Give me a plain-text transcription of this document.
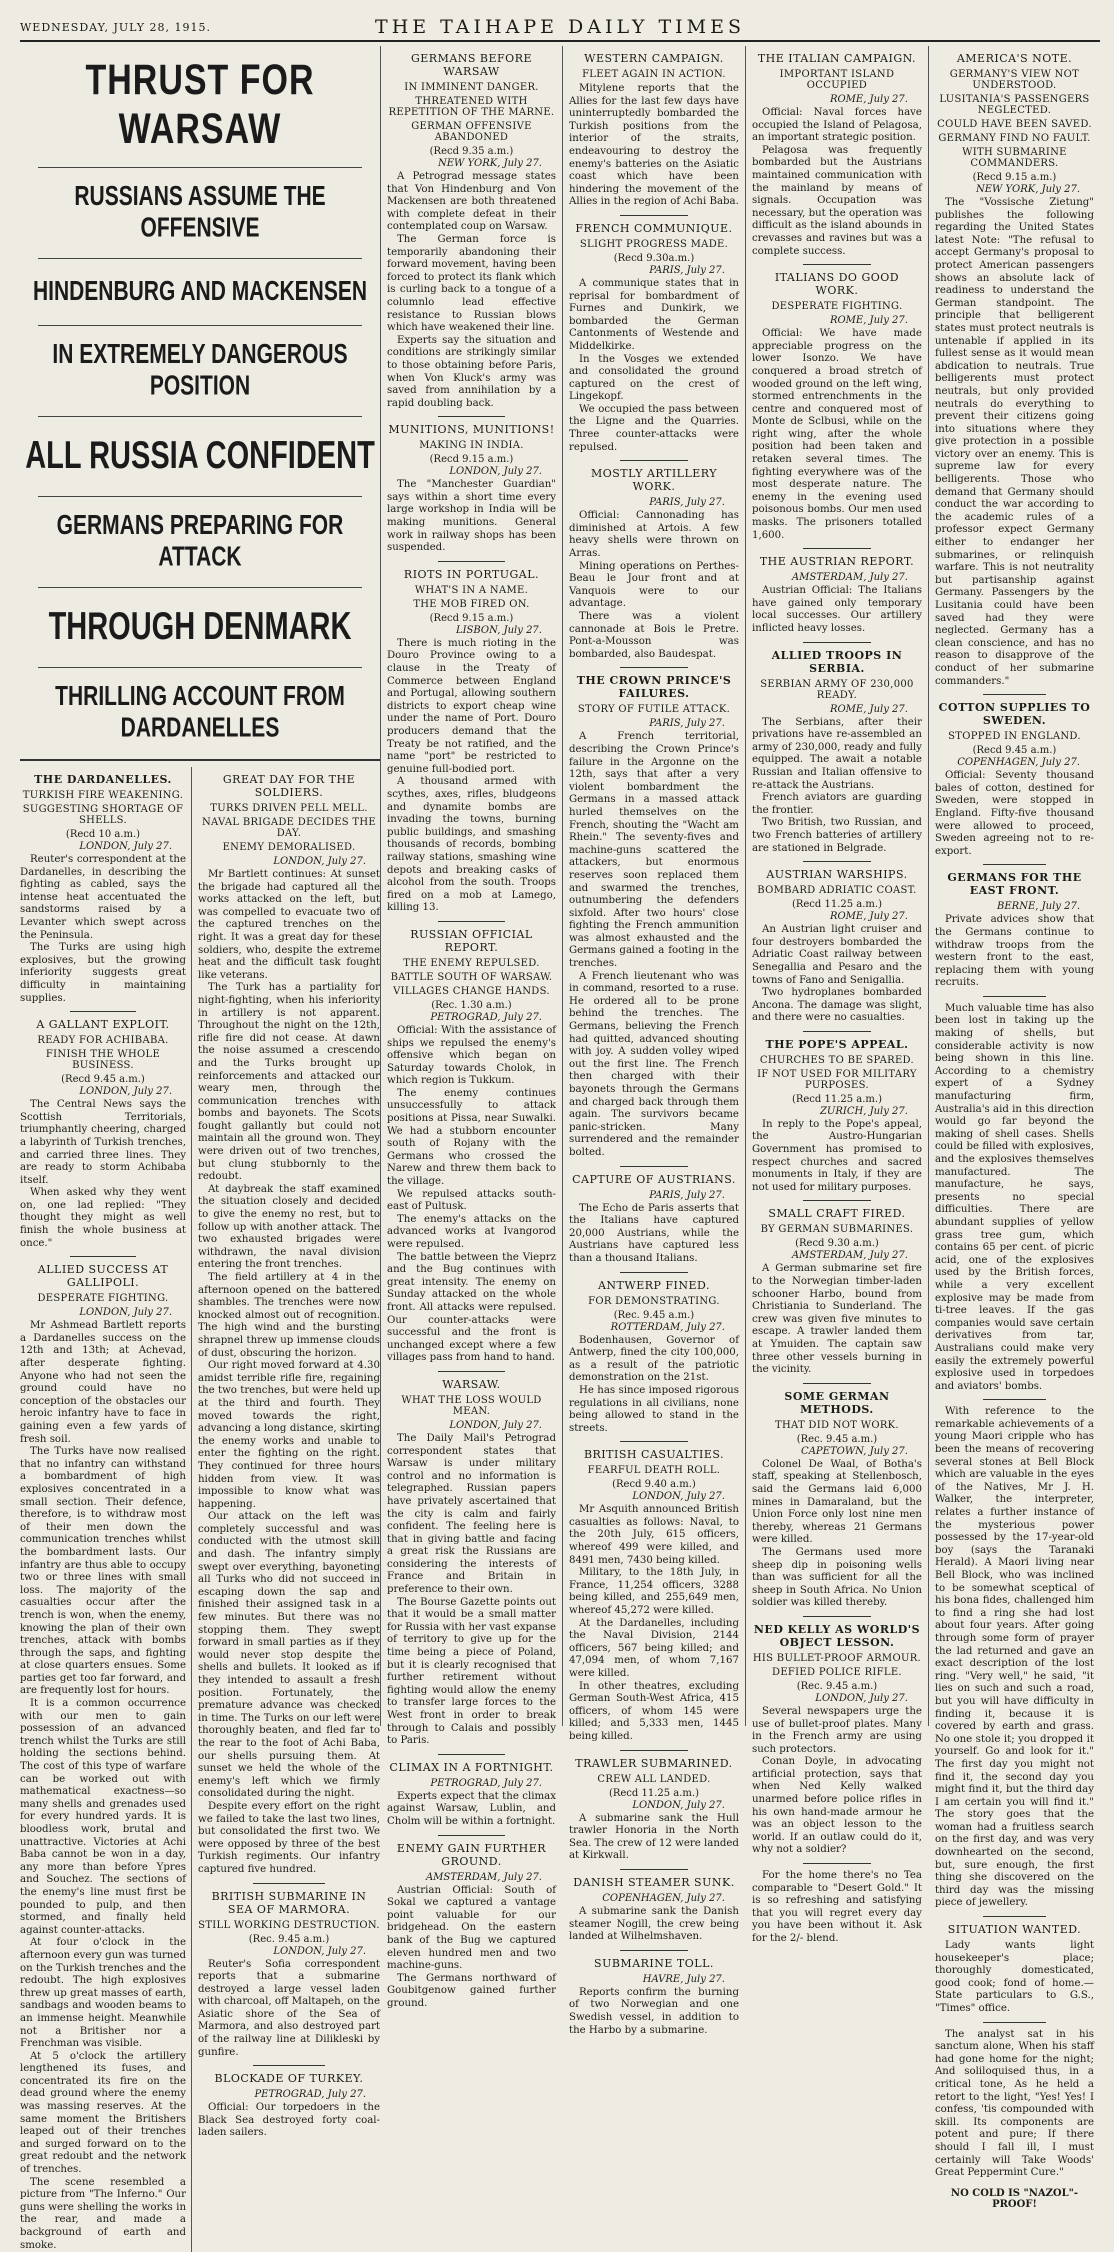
WEDNESDAY, JULY 28, 1915.	THE TAIHAPE DAILY TIMES
THRUST FOR WARSAW
RUSSIANS ASSUME THE OFFENSIVE
HINDENBURG AND MACKENSEN
IN EXTREMELY DANGEROUS POSITION
ALL RUSSIA CONFIDENT
GERMANS PREPARING FOR ATTACK
THROUGH DENMARK
THRILLING ACCOUNT FROM DARDANELLES
THE DARDANELLES.
TURKISH FIRE WEAKENING.
SUGGESTING SHORTAGE OF SHELLS.
(Recd 10 a.m.)
LONDON, July 27.

Reuter's correspondent at the Dardanelles, in describing the fighting as cabled, says the intense heat accentuated the sandstorms raised by a Levanter which swept across the Peninsula.

The Turks are using high explosives, but the growing inferiority suggests great difficulty in maintaining supplies.

A GALLANT EXPLOIT.
READY FOR ACHIBABA.
FINISH THE WHOLE BUSINESS.
(Recd 9.45 a.m.)
LONDON, July 27.

The Central News says the Scottish Territorials, triumphantly cheering, charged a labyrinth of Turkish trenches, and carried three lines. They are ready to storm Achibaba itself.

When asked why they went on, one lad replied: "They thought they might as well finish the whole business at once."

ALLIED SUCCESS AT GALLIPOLI.
DESPERATE FIGHTING.
LONDON, July 27.

Mr Ashmead Bartlett reports a Dardanelles success on the 12th and 13th; at Achevad, after desperate fighting. Anyone who had not seen the ground could have no conception of the obstacles our heroic infantry have to face in gaining even a few yards of fresh soil.

The Turks have now realised that no infantry can withstand a bombardment of high explosives concentrated in a small section. Their defence, therefore, is to withdraw most of their men down the communication trenches whilst the bombardment lasts. Our infantry are thus able to occupy two or three lines with small loss. The majority of the casualties occur after the trench is won, when the enemy, knowing the plan of their own trenches, attack with bombs through the saps, and fighting at close quarters ensues. Some parties get too far forward, and are frequently lost for hours.

It is a common occurrence with our men to gain possession of an advanced trench whilst the Turks are still holding the sections behind. The cost of this type of warfare can be worked out with mathematical exactness—so many shells and grenades used for every hundred yards. It is bloodless work, brutal and unattractive. Victories at Achi Baba cannot be won in a day, any more than before Ypres and Souchez. The sections of the enemy's line must first be pounded to pulp, and then stormed, and finally held against counter-attacks.

At four o'clock in the afternoon every gun was turned on the Turkish trenches and the redoubt. The high explosives threw up great masses of earth, sandbags and wooden beams to an immense height. Meanwhile not a Britisher nor a Frenchman was visible.

At 5 o'clock the artillery lengthened its fuses, and concentrated its fire on the dead ground where the enemy was massing reserves. At the same moment the Britishers leaped out of their trenches and surged forward on to the great redoubt and the network of trenches.

The scene resembled a picture from "The Inferno." Our guns were shelling the works in the rear, and made a background of earth and smoke.

GREAT DAY FOR THE SOLDIERS.
TURKS DRIVEN PELL MELL.
NAVAL BRIGADE DECIDES THE DAY.
ENEMY DEMORALISED.
LONDON, July 27.

Mr Bartlett continues: At sunset the brigade had captured all the works attacked on the left, but was compelled to evacuate two of the captured trenches on the right. It was a great day for these soldiers, who, despite the extreme heat and the difficult task fought like veterans.

The Turk has a partiality for night-fighting, when his inferiority in artillery is not apparent. Throughout the night on the 12th, rifle fire did not cease. At dawn the noise assumed a crescendo and the Turks brought up reinforcements and attacked our weary men, through the communication trenches with bombs and bayonets. The Scots fought gallantly but could not maintain all the ground won. They were driven out of two trenches, but clung stubbornly to the redoubt.

At daybreak the staff examined the situation closely and decided to give the enemy no rest, but to follow up with another attack. The two exhausted brigades were withdrawn, the naval division entering the front trenches.

The field artillery at 4 in the afternoon opened on the battered shambles. The trenches were now knocked almost out of recognition. The high wind and the bursting shrapnel threw up immense clouds of dust, obscuring the horizon.

Our right moved forward at 4.30 amidst terrible rifle fire, regaining the two trenches, but were held up at the third and fourth. They moved towards the right, advancing a long distance, skirting the enemy works and unable to enter the fighting on the right. They continued for three hours hidden from view. It was impossible to know what was happening.

Our attack on the left was completely successful and was conducted with the utmost skill and dash. The infantry simply swept over everything, bayoneting all Turks who did not succeed in escaping down the sap and finished their assigned task in a few minutes. But there was no stopping them. They swept forward in small parties as if they would never stop despite the shells and bullets. It looked as if they intended to assault a fresh position. Fortunately, the premature advance was checked in time. The Turks on our left were thoroughly beaten, and fled far to the rear to the foot of Achi Baba, our shells pursuing them. At sunset we held the whole of the enemy's left which we firmly consolidated during the night.

Despite every effort on the right we failed to take the last two lines, but consolidated the first two. We were opposed by three of the best Turkish regiments. Our infantry captured five hundred.

BRITISH SUBMARINE IN SEA OF MARMORA.
STILL WORKING DESTRUCTION.
(Rec. 9.45 a.m.)
LONDON, July 27.

Reuter's Sofia correspondent reports that a submarine destroyed a large vessel laden with charcoal, off Maltapeh, on the Asiatic shore of the Sea of Marmora, and also destroyed part of the railway line at Dilikleski by gunfire.

BLOCKADE OF TURKEY.
PETROGRAD, July 27.

Official: Our torpedoers in the Black Sea destroyed forty coal-laden sailers.

GERMANS BEFORE WARSAW
IN IMMINENT DANGER.
THREATENED WITH REPETITION OF THE MARNE.
GERMAN OFFENSIVE ABANDONED
(Recd 9.35 a.m.)
NEW YORK, July 27.

A Petrograd message states that Von Hindenburg and Von Mackensen are both threatened with complete defeat in their contemplated coup on Warsaw.

The German force is temporarily abandoning their forward movement, having been forced to protect its flank which is curling back to a tongue of a columnlo lead effective resistance to Russian blows which have weakened their line.

Experts say the situation and conditions are strikingly similar to those obtaining before Paris, when Von Kluck's army was saved from annihilation by a rapid doubling back.

MUNITIONS, MUNITIONS!
MAKING IN INDIA.
(Recd 9.15 a.m.)
LONDON, July 27.

The "Manchester Guardian" says within a short time every large workshop in India will be making munitions. General work in railway shops has been suspended.

RIOTS IN PORTUGAL.
WHAT'S IN A NAME.
THE MOB FIRED ON.
(Recd 9.15 a.m.)
LISBON, July 27.

There is much rioting in the Douro Province owing to a clause in the Treaty of Commerce between England and Portugal, allowing southern districts to export cheap wine under the name of Port. Douro producers demand that the Treaty be not ratified, and the name "port" be restricted to genuine full-bodied port.

A thousand armed with scythes, axes, rifles, bludgeons and dynamite bombs are invading the towns, burning public buildings, and smashing thousands of records, bombing railway stations, smashing wine depots and breaking casks of alcohol from the south. Troops fired on a mob at Lamego, killing 13.

RUSSIAN OFFICIAL REPORT.
THE ENEMY REPULSED.
BATTLE SOUTH OF WARSAW.
VILLAGES CHANGE HANDS.
(Rec. 1.30 a.m.)
PETROGRAD, July 27.

Official: With the assistance of ships we repulsed the enemy's offensive which began on Saturday towards Cholok, in which region is Tukkum.

The enemy continues unsuccessfully to attack positions at Pissa, near Suwalki. We had a stubborn encounter south of Rojany with the Germans who crossed the Narew and threw them back to the village.

We repulsed attacks south-east of Pultusk.

The enemy's attacks on the advanced works at Ivangorod were repulsed.

The battle between the Vieprz and the Bug continues with great intensity. The enemy on Sunday attacked on the whole front. All attacks were repulsed. Our counter-attacks were successful and the front is unchanged except where a few villages pass from hand to hand.

WARSAW.
WHAT THE LOSS WOULD MEAN.
LONDON, July 27.

The Daily Mail's Petrograd correspondent states that Warsaw is under military control and no information is telegraphed. Russian papers have privately ascertained that the city is calm and fairly confident. The feeling here is that in giving battle and facing a great risk the Russians are considering the interests of France and Britain in preference to their own.

The Bourse Gazette points out that it would be a small matter for Russia with her vast expanse of territory to give up for the time being a piece of Poland, but it is clearly recognised that further retirement without fighting would allow the enemy to transfer large forces to the West front in order to break through to Calais and possibly to Paris.

CLIMAX IN A FORTNIGHT.
PETROGRAD, July 27.

Experts expect that the climax against Warsaw, Lublin, and Cholm will be within a fortnight.

ENEMY GAIN FURTHER GROUND.
AMSTERDAM, July 27.

Austrian Official: South of Sokal we captured a vantage point valuable for our bridgehead. On the eastern bank of the Bug we captured eleven hundred men and two machine-guns.

The Germans northward of Goubitgenow gained further ground.

WESTERN CAMPAIGN.
FLEET AGAIN IN ACTION.

Mitylene reports that the Allies for the last few days have uninterruptedly bombarded the Turkish positions from the interior of the straits, endeavouring to destroy the enemy's batteries on the Asiatic coast which have been hindering the movement of the Allies in the region of Achi Baba.

FRENCH COMMUNIQUE.
SLIGHT PROGRESS MADE.
(Recd 9.30a.m.)
PARIS, July 27.

A communique states that in reprisal for bombardment of Furnes and Dunkirk, we bombarded the German Cantonments of Westende and Middelkirke.

In the Vosges we extended and consolidated the ground captured on the crest of Lingekopf.

We occupied the pass between the Ligne and the Quarries. Three counter-attacks were repulsed.

MOSTLY ARTILLERY WORK.
PARIS, July 27.

Official: Cannonading has diminished at Artois. A few heavy shells were thrown on Arras.

Mining operations on Perthes-Beau le Jour front and at Vanquois were to our advantage.

There was a violent cannonade at Bois le Pretre. Pont-a-Mousson was bombarded, also Baudespat.

THE CROWN PRINCE'S FAILURES.
STORY OF FUTILE ATTACK.
PARIS, July 27.

A French territorial, describing the Crown Prince's failure in the Argonne on the 12th, says that after a very violent bombardment the Germans in a massed attack hurled themselves on the French, shouting the "Wacht am Rhein." The seventy-fives and machine-guns scattered the attackers, but enormous reserves soon replaced them and swarmed the trenches, outnumbering the defenders sixfold. After two hours' close fighting the French ammunition was almost exhausted and the Germans gained a footing in the trenches.

A French lieutenant who was in command, resorted to a ruse. He ordered all to be prone behind the trenches. The Germans, believing the French had quitted, advanced shouting with joy. A sudden volley wiped out the first line. The French then charged with their bayonets through the Germans and charged back through them again. The survivors became panic-stricken. Many surrendered and the remainder bolted.

CAPTURE OF AUSTRIANS.
PARIS, July 27.

The Echo de Paris asserts that the Italians have captured 20,000 Austrians, while the Austrians have captured less than a thousand Italians.

ANTWERP FINED.
FOR DEMONSTRATING.
(Rec. 9.45 a.m.)
ROTTERDAM, July 27.

Bodenhausen, Governor of Antwerp, fined the city 100,000, as a result of the patriotic demonstration on the 21st.

He has since imposed rigorous regulations in all civilians, none being allowed to stand in the streets.

BRITISH CASUALTIES.
FEARFUL DEATH ROLL.
(Recd 9.40 a.m.)
LONDON, July 27.

Mr Asquith announced British casualties as follows: Naval, to the 20th July, 615 officers, whereof 499 were killed, and 8491 men, 7430 being killed.

Military, to the 18th July, in France, 11,254 officers, 3288 being killed, and 255,649 men, whereof 45,272 were killed.

At the Dardanelles, including the Naval Division, 2144 officers, 567 being killed; and 47,094 men, of whom 7,167 were killed.

In other theatres, excluding German South-West Africa, 415 officers, of whom 145 were killed; and 5,333 men, 1445 being killed.

TRAWLER SUBMARINED.
CREW ALL LANDED.
(Recd 11.25 a.m.)
LONDON, July 27.

A submarine sank the Hull trawler Honoria in the North Sea. The crew of 12 were landed at Kirkwall.

DANISH STEAMER SUNK.
COPENHAGEN, July 27.

A submarine sank the Danish steamer Nogill, the crew being landed at Wilhelmshaven.

SUBMARINE TOLL.
HAVRE, July 27.

Reports confirm the burning of two Norwegian and one Swedish vessel, in addition to the Harbo by a submarine.

THE ITALIAN CAMPAIGN.
IMPORTANT ISLAND OCCUPIED
ROME, July 27.

Official: Naval forces have occupied the Island of Pelagosa, an important strategic position.

Pelagosa was frequently bombarded but the Austrians maintained communication with the mainland by means of signals. Occupation was necessary, but the operation was difficult as the island abounds in crevasses and ravines but was a complete success.

ITALIANS DO GOOD WORK.
DESPERATE FIGHTING.
ROME, July 27.

Official: We have made appreciable progress on the lower Isonzo. We have conquered a broad stretch of wooded ground on the left wing, stormed entrenchments in the centre and conquered most of Monte de Sclbusi, while on the right wing, after the whole position had been taken and retaken several times. The fighting everywhere was of the most desperate nature. The enemy in the evening used poisonous bombs. Our men used masks. The prisoners totalled 1,600.

THE AUSTRIAN REPORT.
AMSTERDAM, July 27.

Austrian Official: The Italians have gained only temporary local successes. Our artillery inflicted heavy losses.

ALLIED TROOPS IN SERBIA.
SERBIAN ARMY OF 230,000 READY.
ROME, July 27.

The Serbians, after their privations have re-assembled an army of 230,000, ready and fully equipped. The await a notable Russian and Italian offensive to re-attack the Austrians.

French aviators are guarding the frontier.

Two British, two Russian, and two French batteries of artillery are stationed in Belgrade.

AUSTRIAN WARSHIPS.
BOMBARD ADRIATIC COAST.
(Recd 11.25 a.m.)
ROME, July 27.

An Austrian light cruiser and four destroyers bombarded the Adriatic Coast railway between Senegallia and Pesaro and the towns of Fano and Senigallia.

Two hydroplanes bombarded Ancona. The damage was slight, and there were no casualties.

THE POPE'S APPEAL.
CHURCHES TO BE SPARED.
IF NOT USED FOR MILITARY PURPOSES.
(Recd 11.25 a.m.)
ZURICH, July 27.

In reply to the Pope's appeal, the Austro-Hungarian Government has promised to respect churches and sacred monuments in Italy, if they are not used for military purposes.

SMALL CRAFT FIRED.
BY GERMAN SUBMARINES.
(Recd 9.30 a.m.)
AMSTERDAM, July 27.

A German submarine set fire to the Norwegian timber-laden schooner Harbo, bound from Christiania to Sunderland. The crew was given five minutes to escape. A trawler landed them at Ymuiden. The captain saw three other vessels burning in the vicinity.

SOME GERMAN METHODS.
THAT DID NOT WORK.
(Rec. 9.45 a.m.)
CAPETOWN, July 27.

Colonel De Waal, of Botha's staff, speaking at Stellenbosch, said the Germans laid 6,000 mines in Damaraland, but the Union Force only lost nine men thereby, whereas 21 Germans were killed.

The Germans used more sheep dip in poisoning wells than was sufficient for all the sheep in South Africa. No Union soldier was killed thereby.

NED KELLY AS WORLD'S OBJECT LESSON.
HIS BULLET-PROOF ARMOUR.
DEFIED POLICE RIFLE.
(Rec. 9.45 a.m.)
LONDON, July 27.

Several newspapers urge the use of bullet-proof plates. Many in the French army are using such protectors.

Conan Doyle, in advocating artificial protection, says that when Ned Kelly walked unarmed before police rifles in his own hand-made armour he was an object lesson to the world. If an outlaw could do it, why not a soldier?

For the home there's no Tea comparable to "Desert Gold." It is so refreshing and satisfying that you will regret every day you have been without it. Ask for the 2/- blend.

AMERICA'S NOTE.
GERMANY'S VIEW NOT UNDERSTOOD.
LUSITANIA'S PASSENGERS NEGLECTED.
COULD HAVE BEEN SAVED.
GERMANY FIND NO FAULT.
WITH SUBMARINE COMMANDERS.
(Recd 9.15 a.m.)
NEW YORK, July 27.

The "Vossische Zietung" publishes the following regarding the United States latest Note: "The refusal to accept Germany's proposal to protect American passengers shows an absolute lack of readiness to understand the German standpoint. The principle that belligerent states must protect neutrals is untenable if applied in its fullest sense as it would mean abdication to neutrals. True belligerents must protect neutrals, but only provided neutrals do everything to prevent their citizens going into situations where they give protection in a possible victory over an enemy. This is supreme law for every belligerents. Those who demand that Germany should conduct the war according to the academic rules of a professor expect Germany either to endanger her submarines, or relinquish warfare. This is not neutrality but partisanship against Germany. Passengers by the Lusitania could have been saved had they were neglected. Germany has a clean conscience, and has no reason to disapprove of the conduct of her submarine commanders."

COTTON SUPPLIES TO SWEDEN.
STOPPED IN ENGLAND.
(Recd 9.45 a.m.)
COPENHAGEN, July 27.

Official: Seventy thousand bales of cotton, destined for Sweden, were stopped in England. Fifty-five thousand were allowed to proceed, Sweden agreeing not to re-export.

GERMANS FOR THE EAST FRONT.
BERNE, July 27.

Private advices show that the Germans continue to withdraw troops from the western front to the east, replacing them with young recruits.

Much valuable time has also been lost in taking up the making of shells, but considerable activity is now being shown in this line. According to a chemistry expert of a Sydney manufacturing firm, Australia's aid in this direction would go far beyond the making of shell cases. Shells could be filled with explosives, and the explosives themselves manufactured. The manufacture, he says, presents no special difficulties. There are abundant supplies of yellow grass tree gum, which contains 65 per cent. of picric acid, one of the explosives used by the British forces, while a very excellent explosive may be made from ti-tree leaves. If the gas companies would save certain derivatives from tar, Australians could make very easily the extremely powerful explosive used in torpedoes and aviators' bombs.

With reference to the remarkable achievements of a young Maori cripple who has been the means of recovering several stones at Bell Block which are valuable in the eyes of the Natives, Mr J. H. Walker, the interpreter, relates a further instance of the mysterious power possessed by the 17-year-old boy (says the Taranaki Herald). A Maori living near Bell Block, who was inclined to be somewhat sceptical of his bona fides, challenged him to find a ring she had lost about four years. After going through some form of prayer the lad returned and gave an exact description of the lost ring. "Very well," he said, "it lies on such and such a road, but you will have difficulty in finding it, because it is covered by earth and grass. No one stole it; you dropped it yourself. Go and look for it." The first day you might not find it, the second day you might find it, but the third day I am certain you will find it." The story goes that the woman had a fruitless search on the first day, and was very downhearted on the second, but, sure enough, the first thing she discovered on the third day was the missing piece of jewellery.

SITUATION WANTED.

Lady wants light housekeeper's place; thoroughly domesticated, good cook; fond of home.—State particulars to G.S., "Times" office.

The analyst sat in his sanctum alone, When his staff had gone home for the night; And soliloquised thus, in a critical tone, As he held a retort to the light, "Yes! Yes! I confess, 'tis compounded with skill. Its components are potent and pure; If there should I fall ill, I must certainly will Take Woods' Great Peppermint Cure."

NO COLD IS "NAZOL"-PROOF!
